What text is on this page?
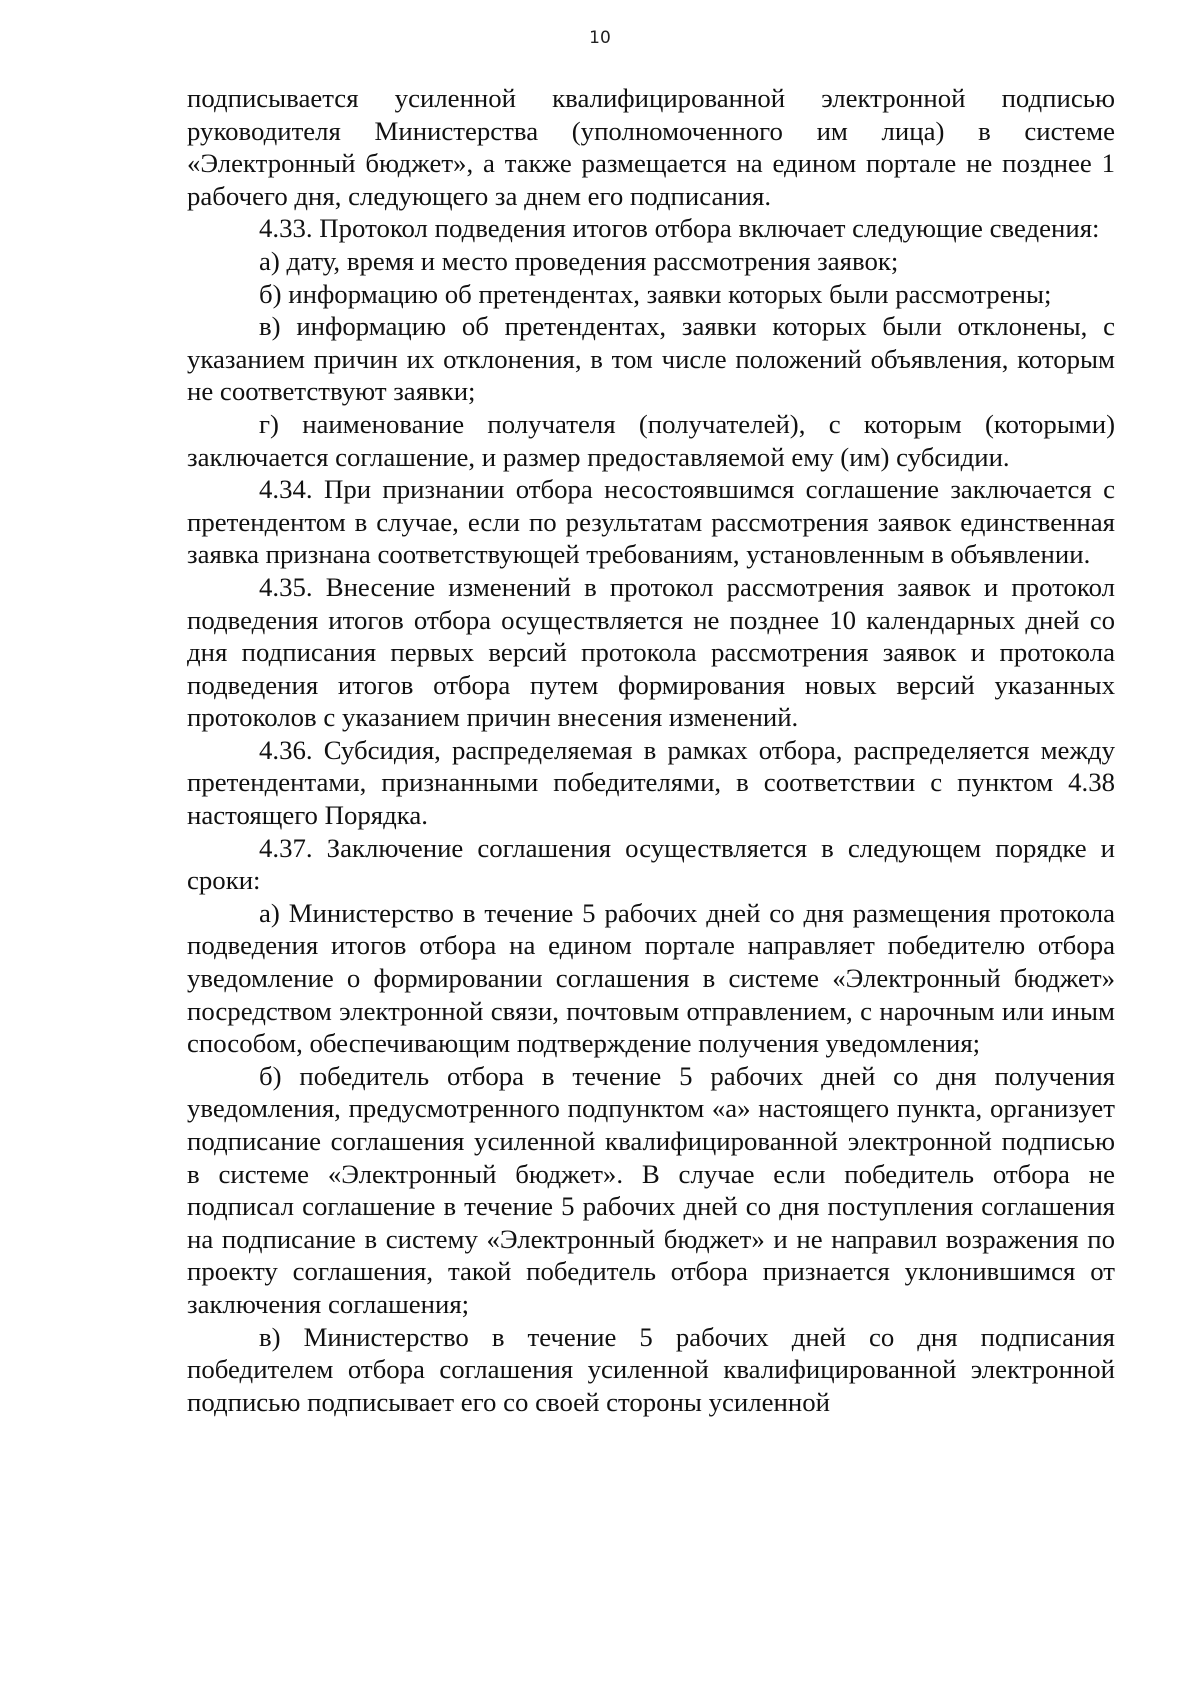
10

подписывается усиленной квалифицированной электронной подписью руководителя Министерства (уполномоченного им лица) в системе «Электронный бюджет», а также размещается на едином портале не позднее 1 рабочего дня, следующего за днем его подписания.

4.33. Протокол подведения итогов отбора включает следующие сведения:

а) дату, время и место проведения рассмотрения заявок;

б) информацию об претендентах, заявки которых были рассмотрены;

в) информацию об претендентах, заявки которых были отклонены, с указанием причин их отклонения, в том числе положений объявления, которым не соответствуют заявки;

г) наименование получателя (получателей), с которым (которыми) заключается соглашение, и размер предоставляемой ему (им) субсидии.

4.34. При признании отбора несостоявшимся соглашение заключается с претендентом в случае, если по результатам рассмотрения заявок единственная заявка признана соответствующей требованиям, установленным в объявлении.

4.35. Внесение изменений в протокол рассмотрения заявок и протокол подведения итогов отбора осуществляется не позднее 10 календарных дней со дня подписания первых версий протокола рассмотрения заявок и протокола подведения итогов отбора путем формирования новых версий указанных протоколов с указанием причин внесения изменений.

4.36. Субсидия, распределяемая в рамках отбора, распределяется между претендентами, признанными победителями, в соответствии с пунктом 4.38 настоящего Порядка.

4.37. Заключение соглашения осуществляется в следующем порядке и сроки:

а) Министерство в течение 5 рабочих дней со дня размещения протокола подведения итогов отбора на едином портале направляет победителю отбора уведомление о формировании соглашения в системе «Электронный бюджет» посредством электронной связи, почтовым отправлением, с нарочным или иным способом, обеспечивающим подтверждение получения уведомления;

б) победитель отбора в течение 5 рабочих дней со дня получения уведомления, предусмотренного подпунктом «а» настоящего пункта, организует подписание соглашения усиленной квалифицированной электронной подписью в системе «Электронный бюджет». В случае если победитель отбора не подписал соглашение в течение 5 рабочих дней со дня поступления соглашения на подписание в систему «Электронный бюджет» и не направил возражения по проекту соглашения, такой победитель отбора признается уклонившимся от заключения соглашения;

в) Министерство в течение 5 рабочих дней со дня подписания победителем отбора соглашения усиленной квалифицированной электронной подписью подписывает его со своей стороны усиленной
